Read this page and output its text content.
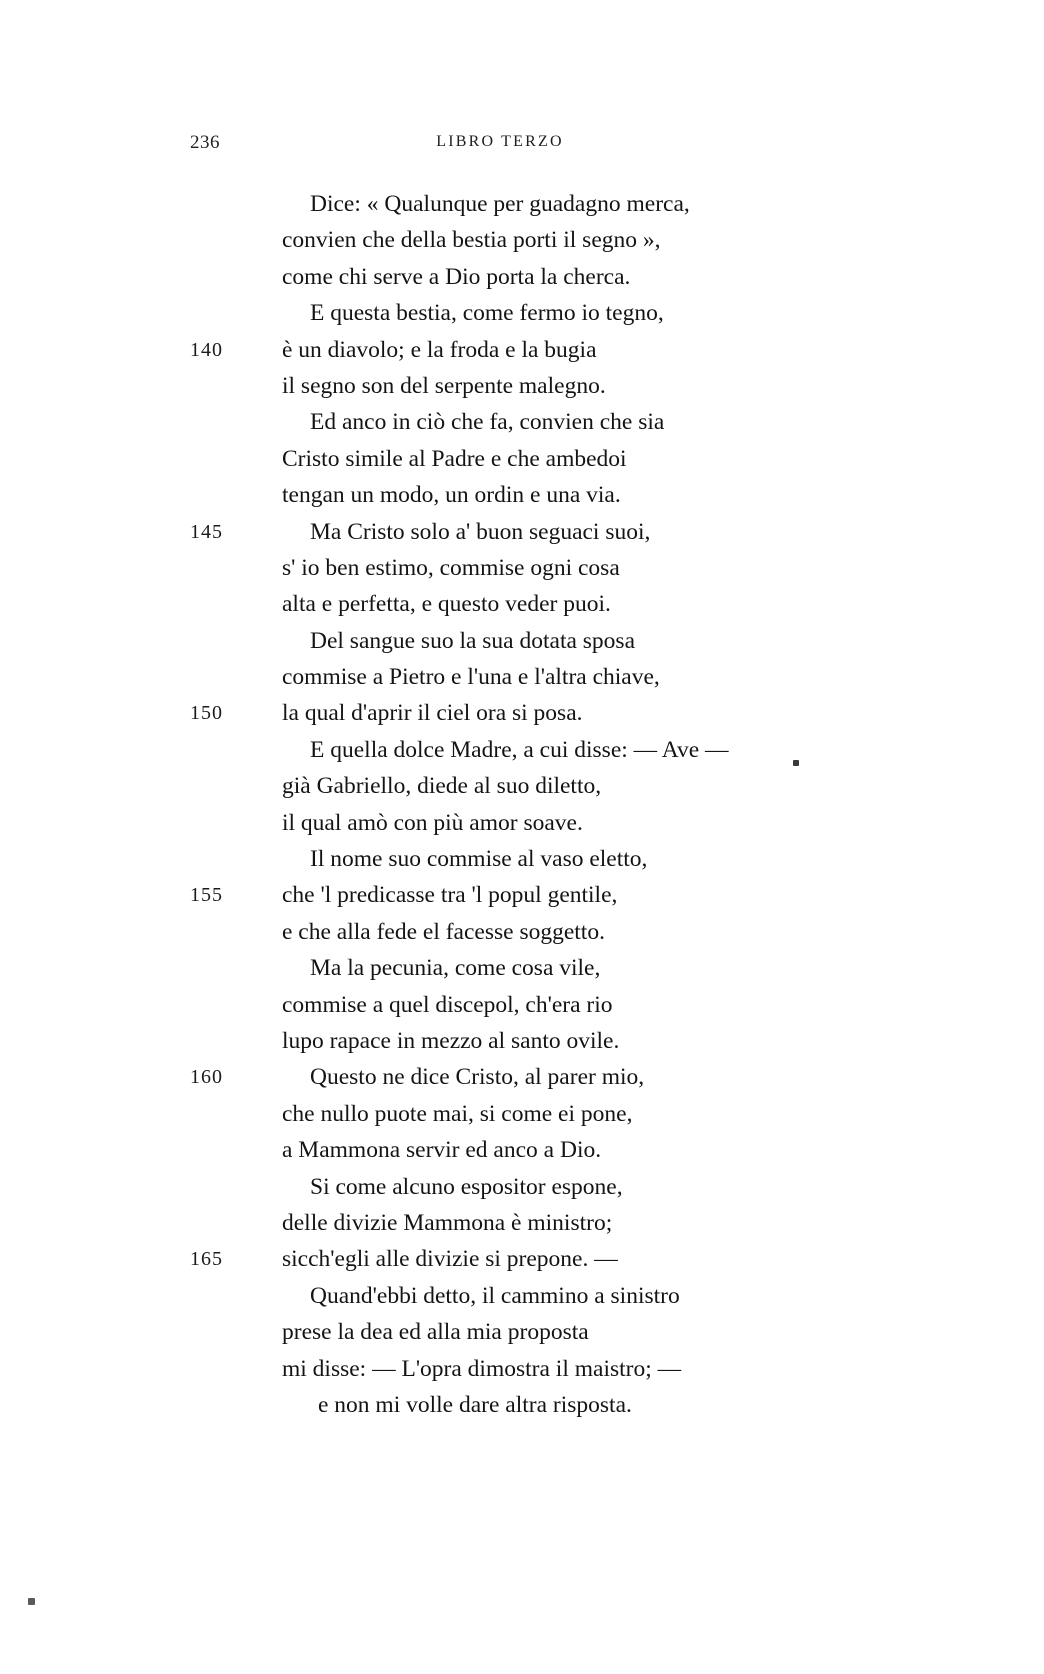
236	LIBRO TERZO
Dice: « Qualunque per guadagno merca,
convien che della bestia porti il segno »,
come chi serve a Dio porta la cherca.
E questa bestia, come fermo io tegno,
140	è un diavolo; e la froda e la bugia
il segno son del serpente malegno.
Ed anco in ciò che fa, convien che sia
Cristo simile al Padre e che ambedoi
tengan un modo, un ordin e una via.
145	Ma Cristo solo a' buon seguaci suoi,
s' io ben estimo, commise ogni cosa
alta e perfetta, e questo veder puoi.
Del sangue suo la sua dotata sposa
commise a Pietro e l'una e l'altra chiave,
150	la qual d'aprir il ciel ora si posa.
E quella dolce Madre, a cui disse: — Ave —
già Gabriello, diede al suo diletto,
il qual amò con più amor soave.
Il nome suo commise al vaso eletto,
155	che 'l predicasse tra 'l popul gentile,
e che alla fede el facesse soggetto.
Ma la pecunia, come cosa vile,
commise a quel discepol, ch'era rio
lupo rapace in mezzo al santo ovile.
160	Questo ne dice Cristo, al parer mio,
che nullo puote mai, si come ei pone,
a Mammona servir ed anco a Dio.
Si come alcuno espositor espone,
delle divizie Mammona è ministro;
165	sicch'egli alle divizie si prepone. —
Quand'ebbi detto, il cammino a sinistro
prese la dea ed alla mia proposta
mi disse: — L'opra dimostra il maistro; —
e non mi volle dare altra risposta.
